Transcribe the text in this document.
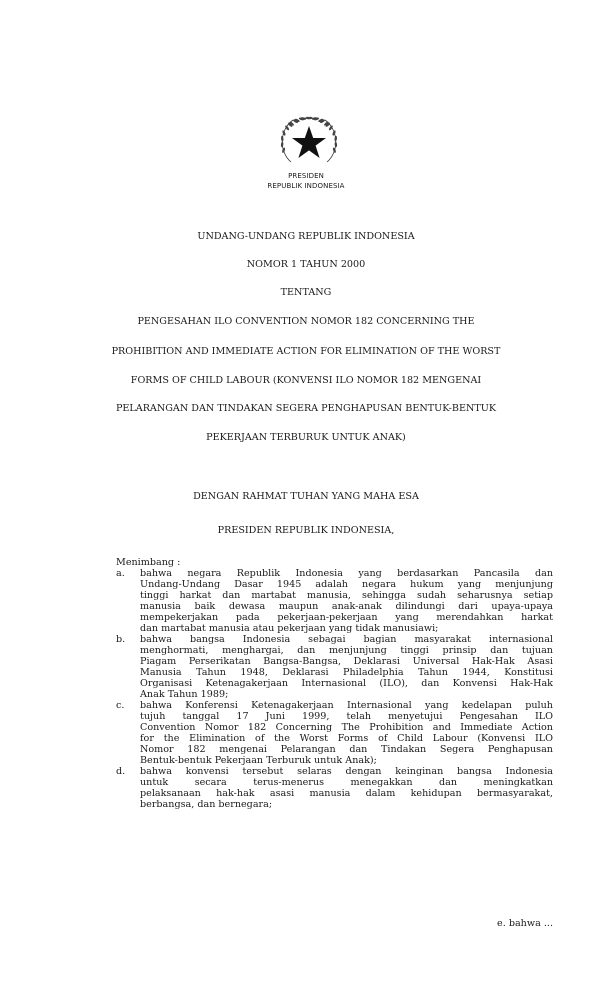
PRESIDEN
REPUBLIK INDONESIA
UNDANG-UNDANG REPUBLIK INDONESIA
NOMOR 1 TAHUN 2000
TENTANG
PENGESAHAN ILO CONVENTION NOMOR 182 CONCERNING THE
PROHIBITION AND IMMEDIATE ACTION FOR ELIMINATION OF THE WORST
FORMS OF CHILD LABOUR (KONVENSI ILO NOMOR 182 MENGENAI
PELARANGAN DAN TINDAKAN SEGERA PENGHAPUSAN BENTUK-BENTUK
PEKERJAAN TERBURUK UNTUK ANAK)
DENGAN RAHMAT TUHAN YANG MAHA ESA
PRESIDEN REPUBLIK INDONESIA,
Menimbang :
a. bahwa negara Republik Indonesia yang berdasarkan Pancasila dan
Undang-Undang Dasar 1945 adalah negara hukum yang menjunjung
tinggi harkat dan martabat manusia, sehingga sudah seharusnya setiap
manusia baik dewasa maupun anak-anak dilindungi dari upaya-upaya
mempekerjakan pada pekerjaan-pekerjaan yang merendahkan harkat
dan martabat manusia atau pekerjaan yang tidak manusiawi;
b. bahwa bangsa Indonesia sebagai bagian masyarakat internasional
menghormati, menghargai, dan menjunjung tinggi prinsip dan tujuan
Piagam Perserikatan Bangsa-Bangsa, Deklarasi Universal Hak-Hak Asasi
Manusia Tahun 1948, Deklarasi Philadelphia Tahun 1944, Konstitusi
Organisasi Ketenagakerjaan Internasional (ILO), dan Konvensi Hak-Hak
Anak Tahun 1989;
c. bahwa Konferensi Ketenagakerjaan Internasional yang kedelapan puluh
tujuh tanggal 17 Juni 1999, telah menyetujui Pengesahan ILO
Convention Nomor 182 Concerning The Prohibition and Immediate Action
for the Elimination of the Worst Forms of Child Labour (Konvensi ILO
Nomor 182 mengenai Pelarangan dan Tindakan Segera Penghapusan
Bentuk-bentuk Pekerjaan Terburuk untuk Anak);
d. bahwa konvensi tersebut selaras dengan keinginan bangsa Indonesia
untuk secara terus-menerus menegakkan dan meningkatkan
pelaksanaan hak-hak asasi manusia dalam kehidupan bermasyarakat,
berbangsa, dan bernegara;
e. bahwa ...
